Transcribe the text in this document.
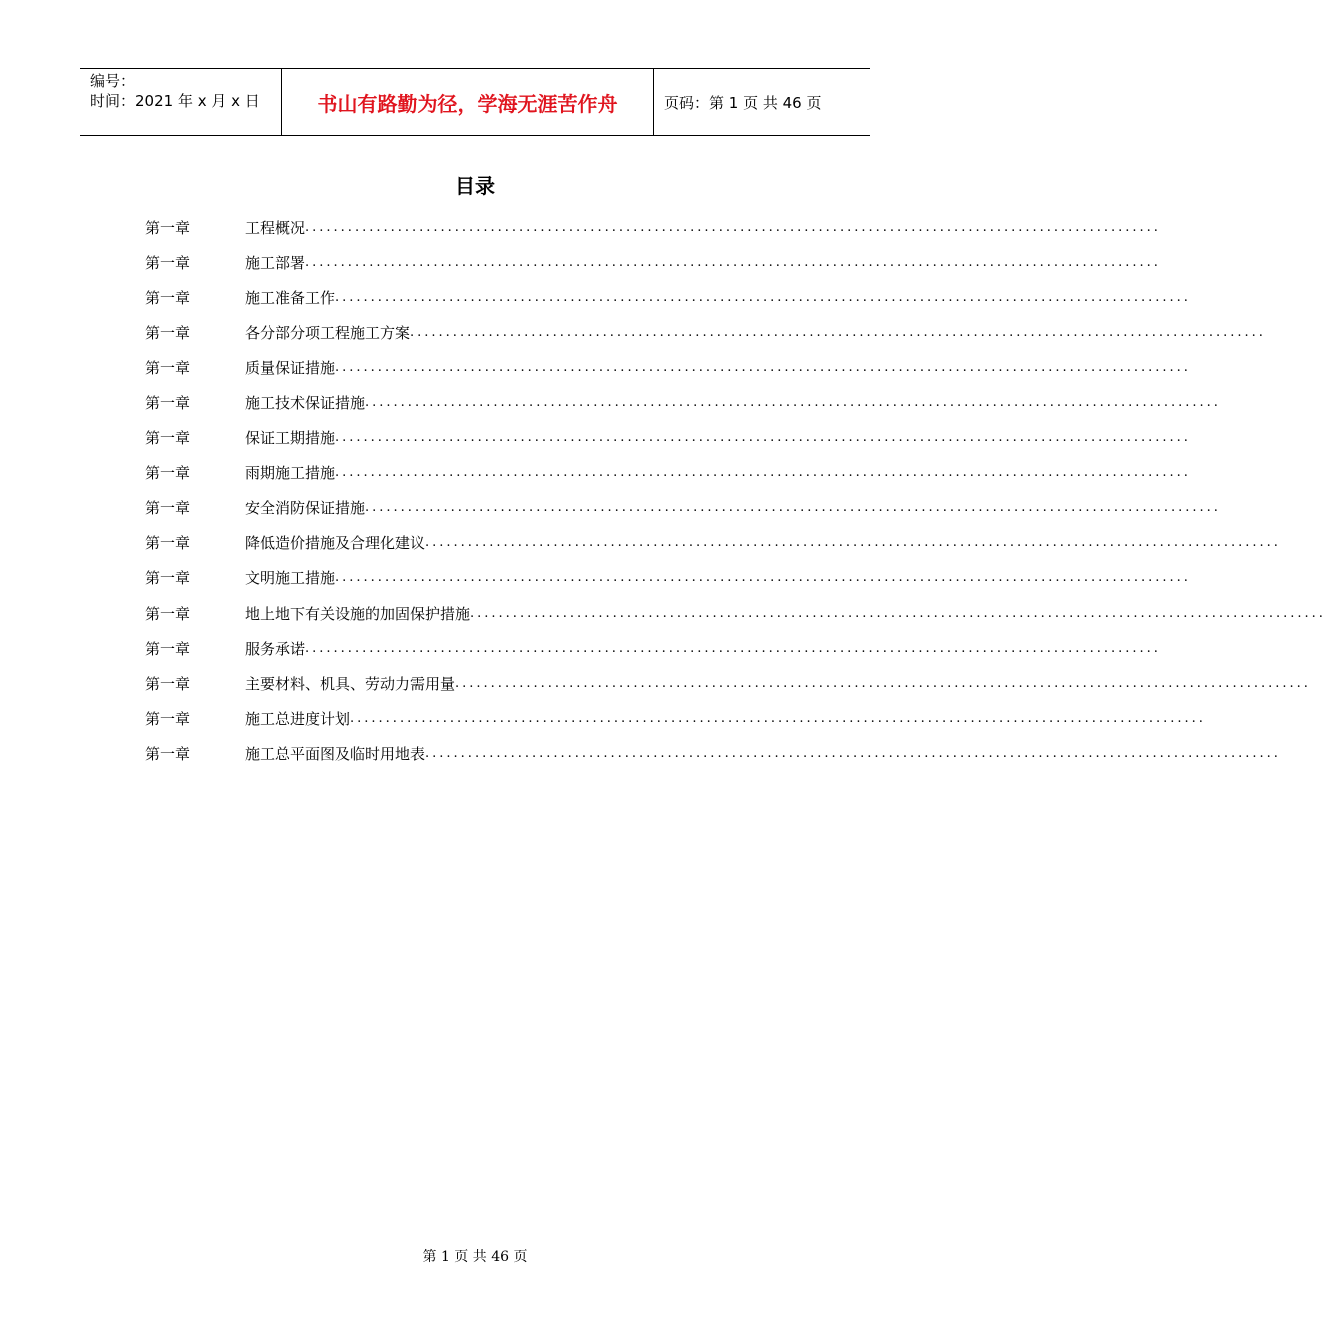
编号：
时间：2021 年 x 月 x 日	书山有路勤为径，学海无涯苦作舟	页码：第 1 页 共 46 页
目录
第一章	工程概况 ........................................................................................................................
第一章	施工部署 ........................................................................................................................
第一章	施工准备工作 ........................................................................................................................
第一章	各分部分项工程施工方案 ........................................................................................................................
第一章	质量保证措施 ........................................................................................................................
第一章	施工技术保证措施 ........................................................................................................................
第一章	保证工期措施 ........................................................................................................................
第一章	雨期施工措施 ........................................................................................................................
第一章	安全消防保证措施 ........................................................................................................................
第一章	降低造价措施及合理化建议 ........................................................................................................................
第一章	文明施工措施 ........................................................................................................................
第一章	地上地下有关设施的加固保护措施 ........................................................................................................................
第一章	服务承诺 ........................................................................................................................
第一章	主要材料、机具、劳动力需用量 ........................................................................................................................
第一章	施工总进度计划 ........................................................................................................................
第一章	施工总平面图及临时用地表 ........................................................................................................................
第 1 页 共 46 页
